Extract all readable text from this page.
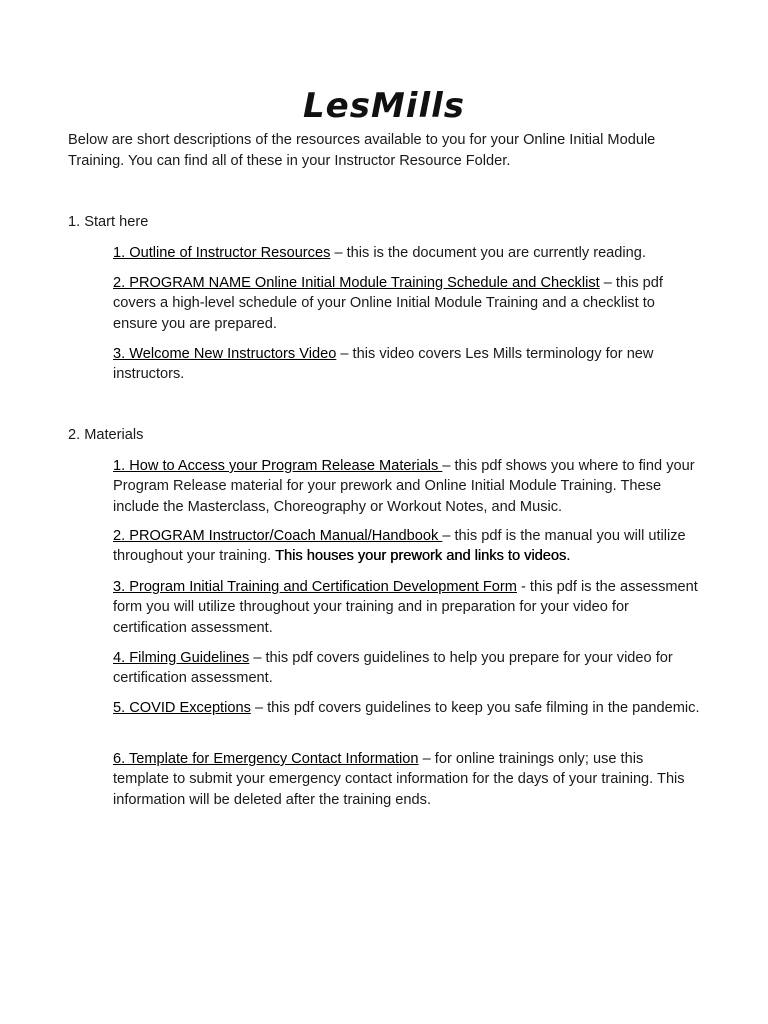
LesMills

Below are short descriptions of the resources available to you for your Online Initial Module Training. You can find all of these in your Instructor Resource Folder.

1. Start here

1. Outline of Instructor Resources – this is the document you are currently reading.

2. PROGRAM NAME Online Initial Module Training Schedule and Checklist – this pdf covers a high-level schedule of your Online Initial Module Training and a checklist to ensure you are prepared.

3. Welcome New Instructors Video – this video covers Les Mills terminology for new instructors.

2. Materials

1. How to Access your Program Release Materials – this pdf shows you where to find your Program Release material for your prework and Online Initial Module Training. These include the Masterclass, Choreography or Workout Notes, and Music.

2. PROGRAM Instructor/Coach Manual/Handbook – this pdf is the manual you will utilize throughout your training. This houses your prework and links to videos.

3. Program Initial Training and Certification Development Form - this pdf is the assessment form you will utilize throughout your training and in preparation for your video for certification assessment.

4. Filming Guidelines – this pdf covers guidelines to help you prepare for your video for certification assessment.

5. COVID Exceptions – this pdf covers guidelines to keep you safe filming in the pandemic.

6. Template for Emergency Contact Information – for online trainings only; use this template to submit your emergency contact information for the days of your training. This information will be deleted after the training ends.
